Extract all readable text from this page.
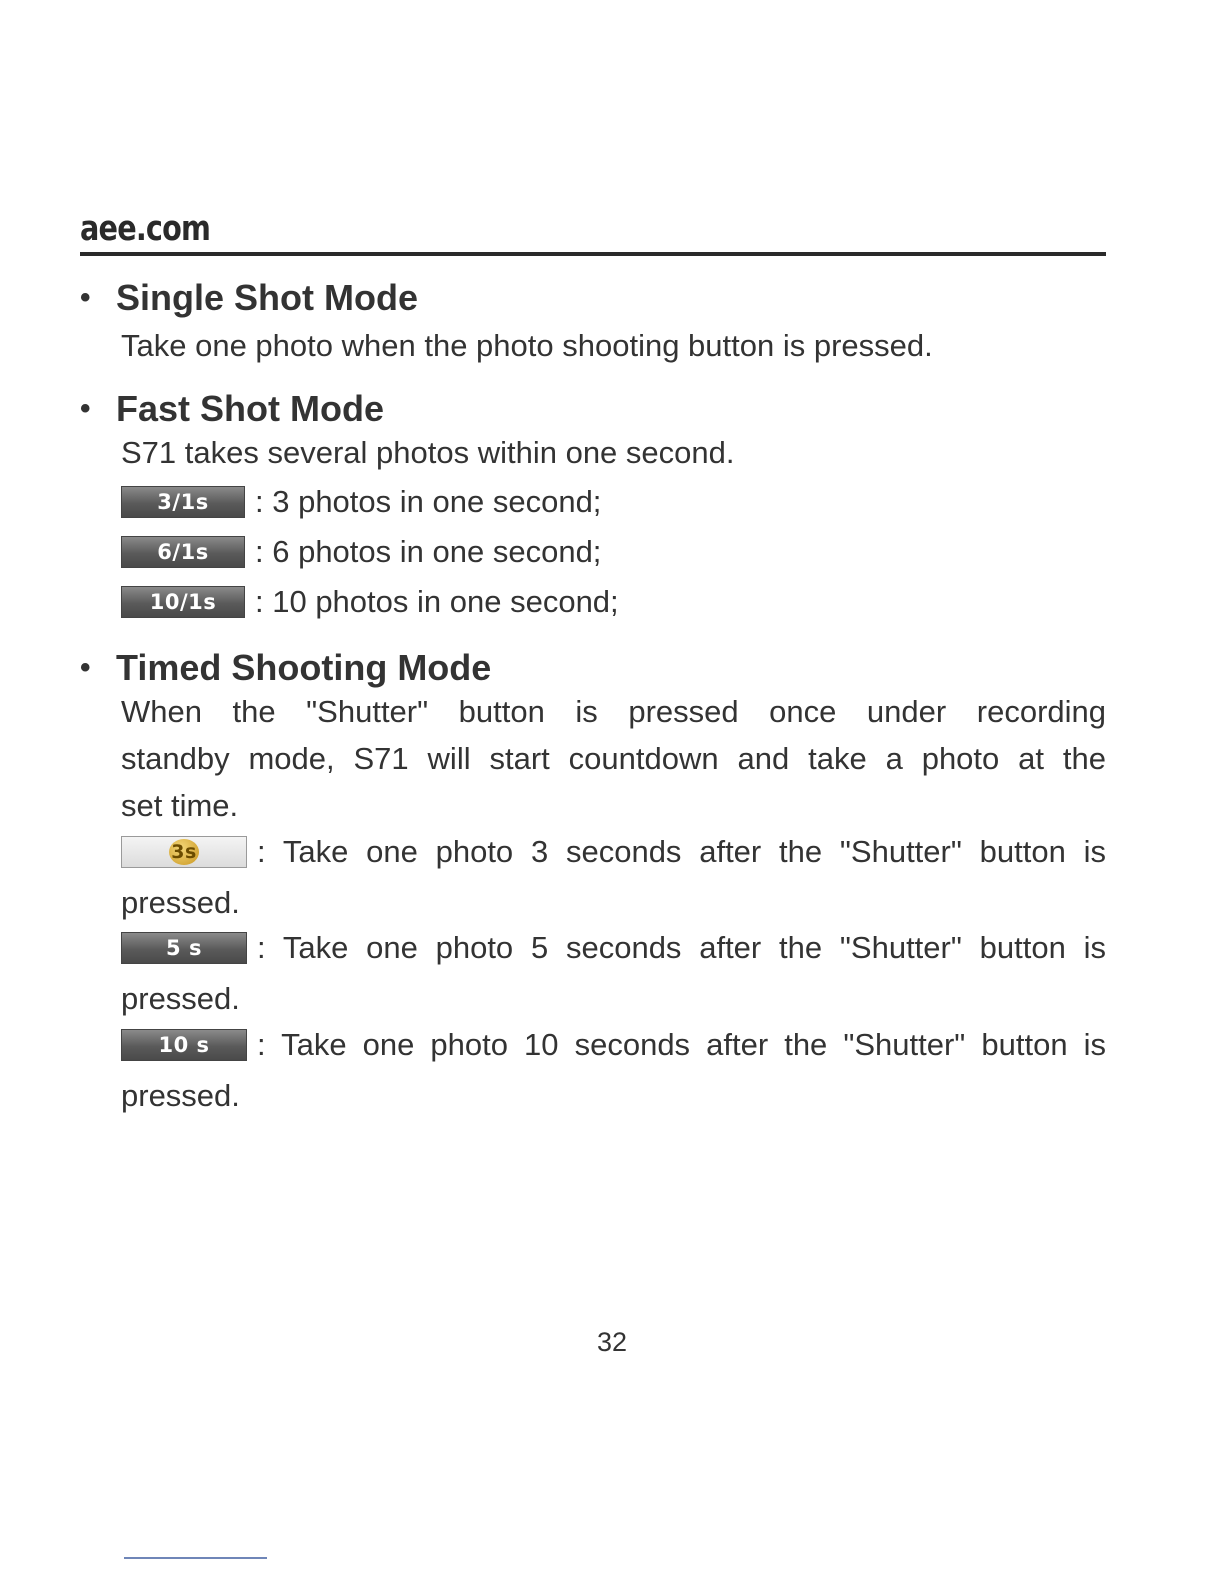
aee.com
• Single Shot Mode
Take one photo when the photo shooting button is pressed.
• Fast Shot Mode
S71 takes several photos within one second.
3/1s	: 3 photos in one second;
6/1s	: 6 photos in one second;
10/1s	: 10 photos in one second;
• Timed Shooting Mode
When the "Shutter" button is pressed once under recording
standby mode, S71 will start countdown and take a photo at the
set time.
3s : Take one photo 3 seconds after the "Shutter" button is
pressed.
5 s	: Take one photo 5 seconds after the "Shutter" button is
pressed.
10 s	: Take one photo 10 seconds after the "Shutter" button is
pressed.
32
